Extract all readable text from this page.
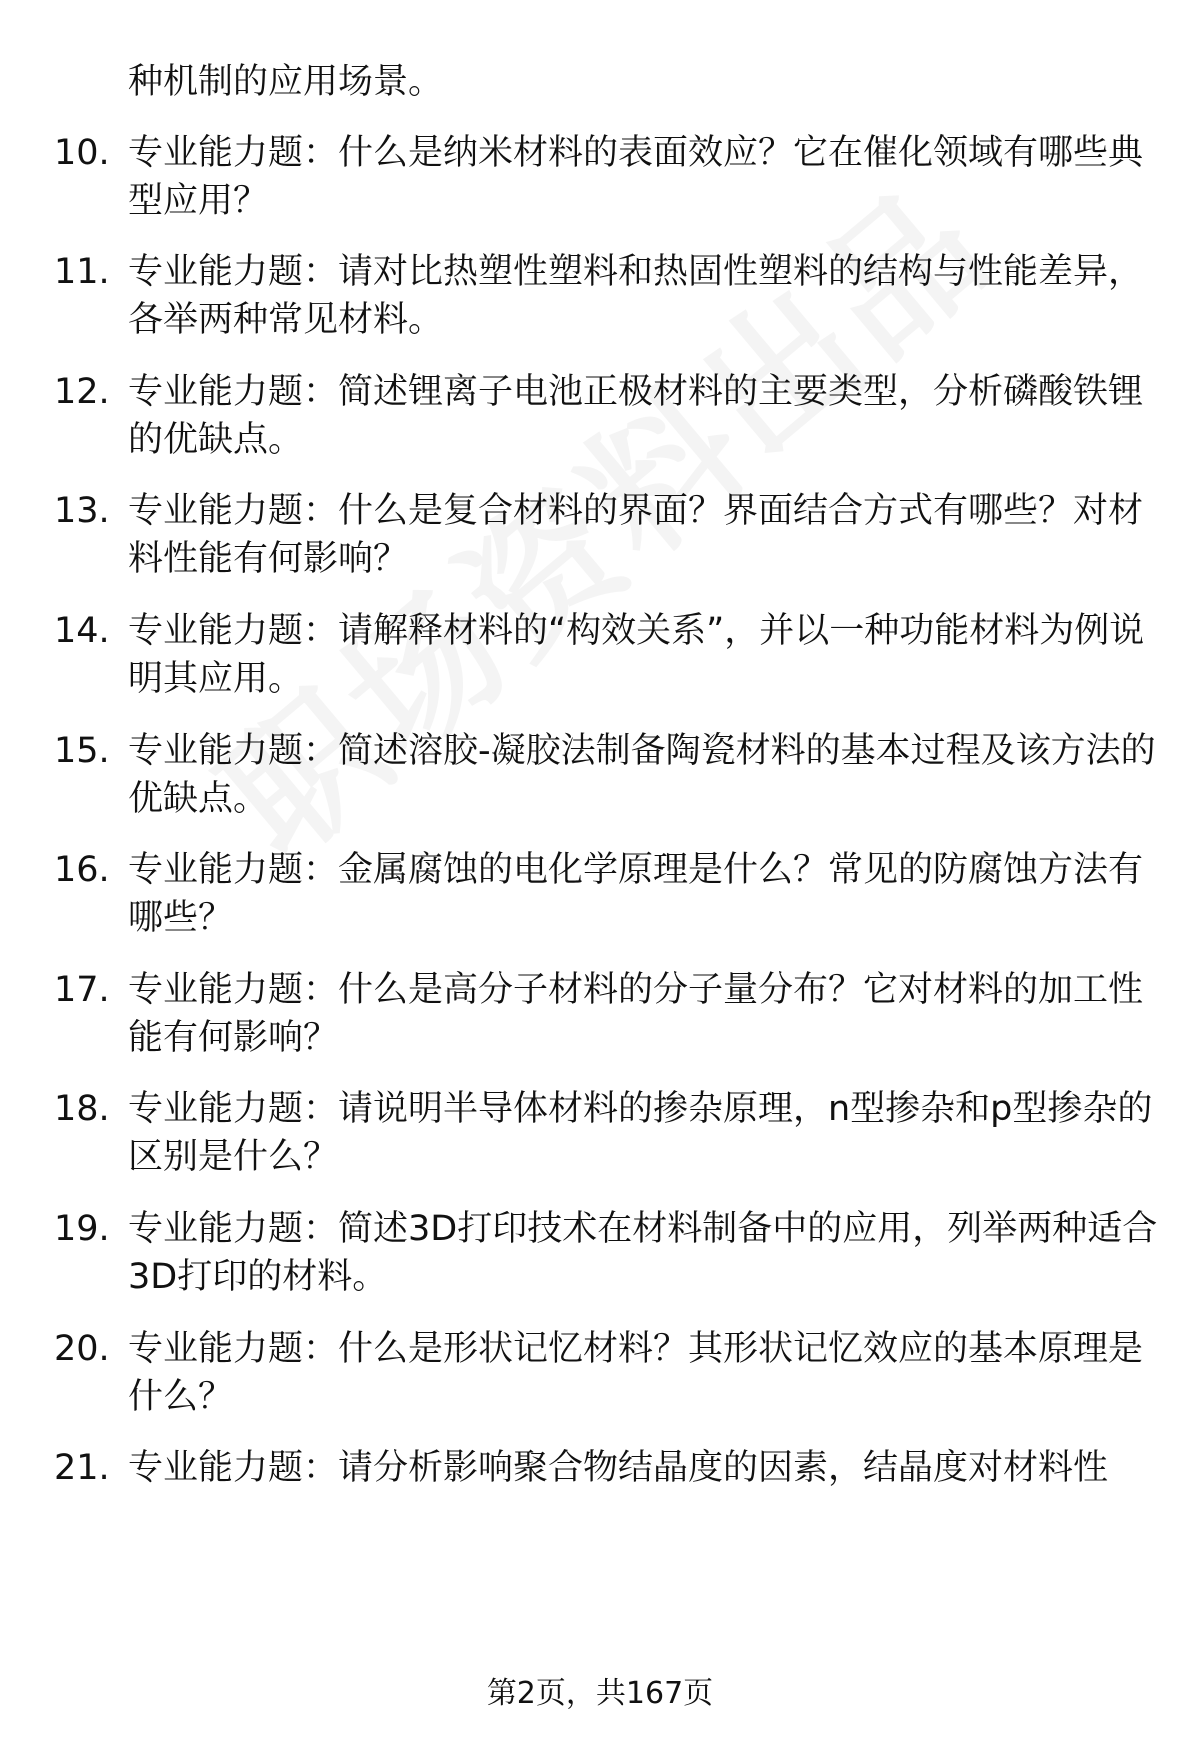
种机制的应用场景。

10. 专业能力题：什么是纳米材料的表面效应？它在催化领域有哪些典型应用？
11. 专业能力题：请对比热塑性塑料和热固性塑料的结构与性能差异，各举两种常见材料。
12. 专业能力题：简述锂离子电池正极材料的主要类型，分析磷酸铁锂的优缺点。
13. 专业能力题：什么是复合材料的界面？界面结合方式有哪些？对材料性能有何影响？
14. 专业能力题：请解释材料的“构效关系”，并以一种功能材料为例说明其应用。
15. 专业能力题：简述溶胶-凝胶法制备陶瓷材料的基本过程及该方法的优缺点。
16. 专业能力题：金属腐蚀的电化学原理是什么？常见的防腐蚀方法有哪些？
17. 专业能力题：什么是高分子材料的分子量分布？它对材料的加工性能有何影响？
18. 专业能力题：请说明半导体材料的掺杂原理，n型掺杂和p型掺杂的区别是什么？
19. 专业能力题：简述3D打印技术在材料制备中的应用，列举两种适合3D打印的材料。
20. 专业能力题：什么是形状记忆材料？其形状记忆效应的基本原理是什么？
21. 专业能力题：请分析影响聚合物结晶度的因素，结晶度对材料性
第2页，共167页
